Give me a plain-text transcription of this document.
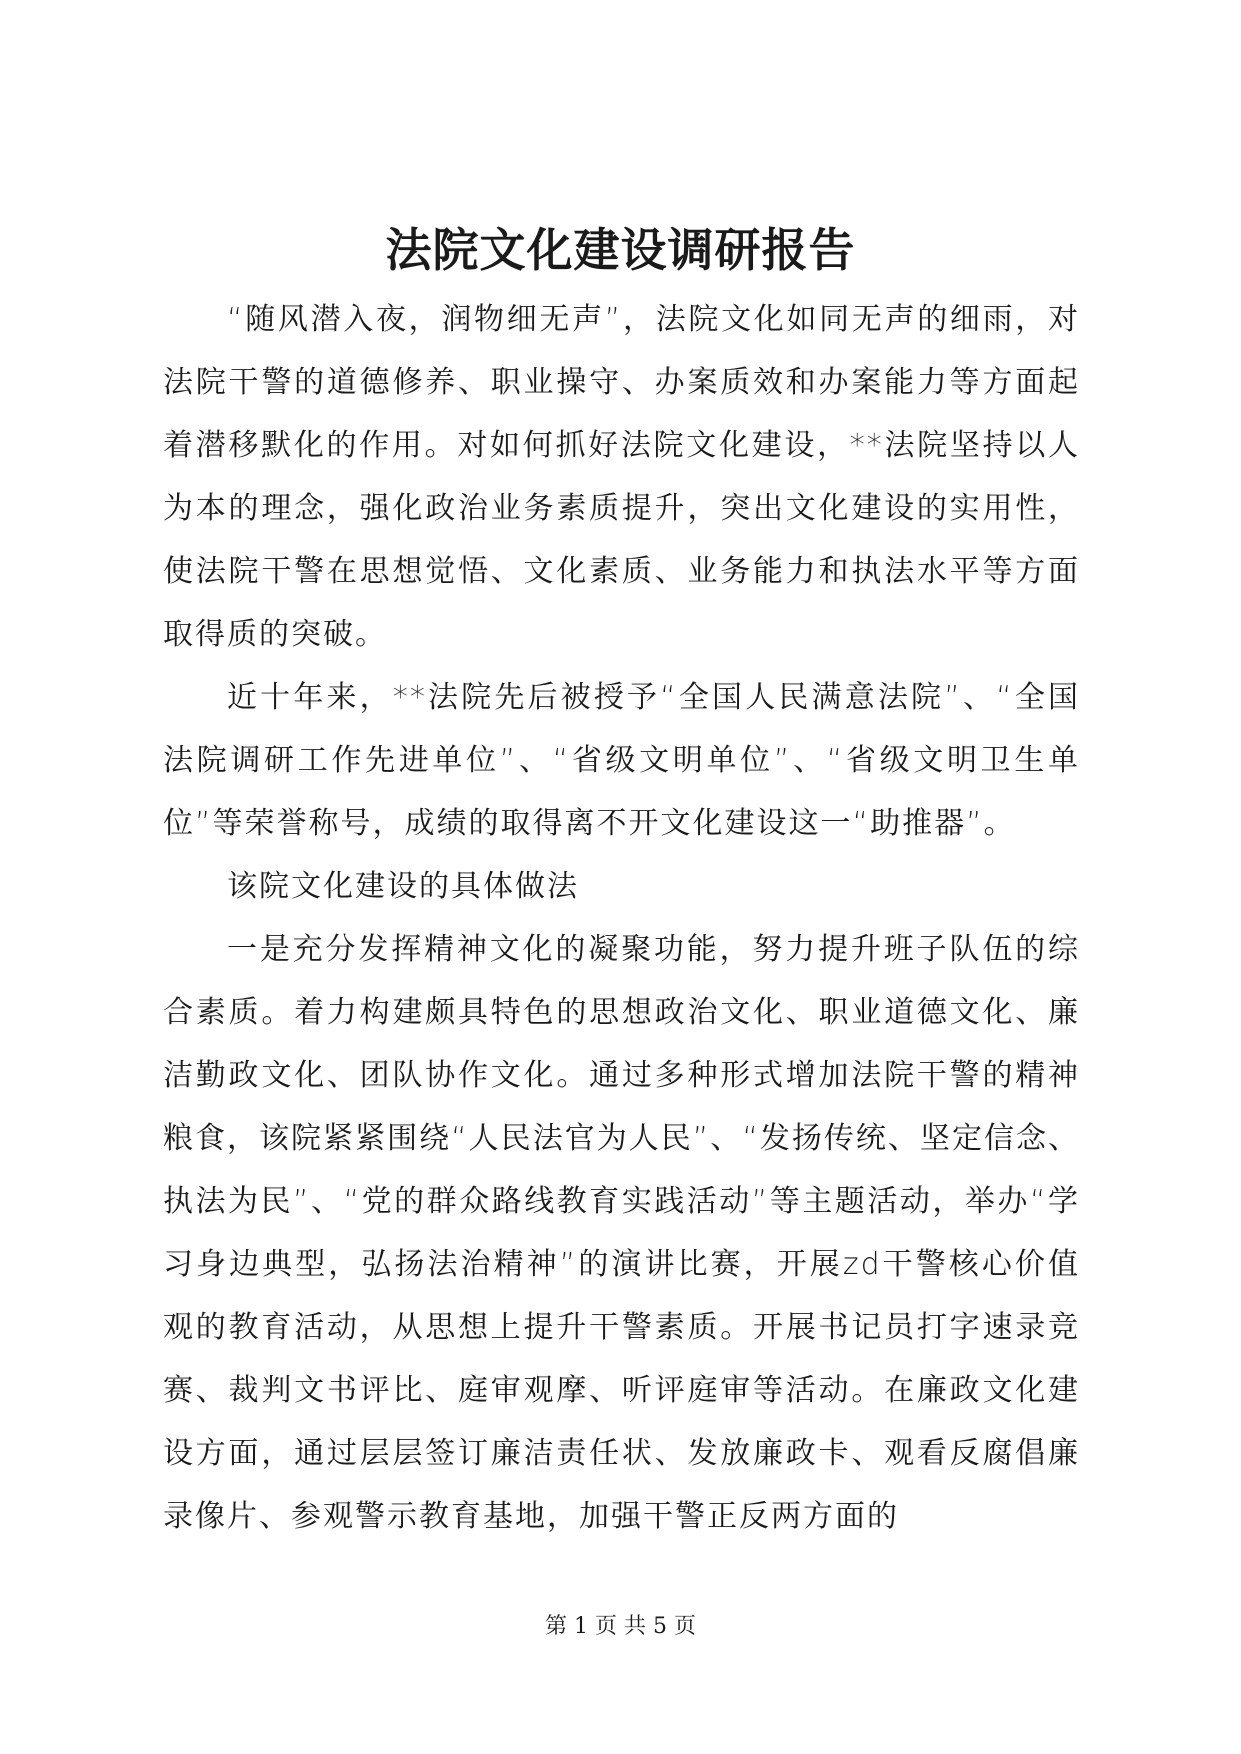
法院文化建设调研报告

“随风潜入夜，润物细无声”，法院文化如同无声的细雨，对法院干警的道德修养、职业操守、办案质效和办案能力等方面起着潜移默化的作用。对如何抓好法院文化建设，**法院坚持以人为本的理念，强化政治业务素质提升，突出文化建设的实用性，使法院干警在思想觉悟、文化素质、业务能力和执法水平等方面取得质的突破。

近十年来，**法院先后被授予“全国人民满意法院”、“全国法院调研工作先进单位”、“省级文明单位”、“省级文明卫生单位”等荣誉称号，成绩的取得离不开文化建设这一“助推器”。

该院文化建设的具体做法

一是充分发挥精神文化的凝聚功能，努力提升班子队伍的综合素质。着力构建颇具特色的思想政治文化、职业道德文化、廉洁勤政文化、团队协作文化。通过多种形式增加法院干警的精神粮食，该院紧紧围绕“人民法官为人民”、“发扬传统、坚定信念、执法为民”、“党的群众路线教育实践活动”等主题活动，举办“学习身边典型，弘扬法治精神”的演讲比赛，开展zd干警核心价值观的教育活动，从思想上提升干警素质。开展书记员打字速录竞赛、裁判文书评比、庭审观摩、听评庭审等活动。在廉政文化建设方面，通过层层签订廉洁责任状、发放廉政卡、观看反腐倡廉录像片、参观警示教育基地，加强干警正反两方面的

第 1 页 共 5 页
